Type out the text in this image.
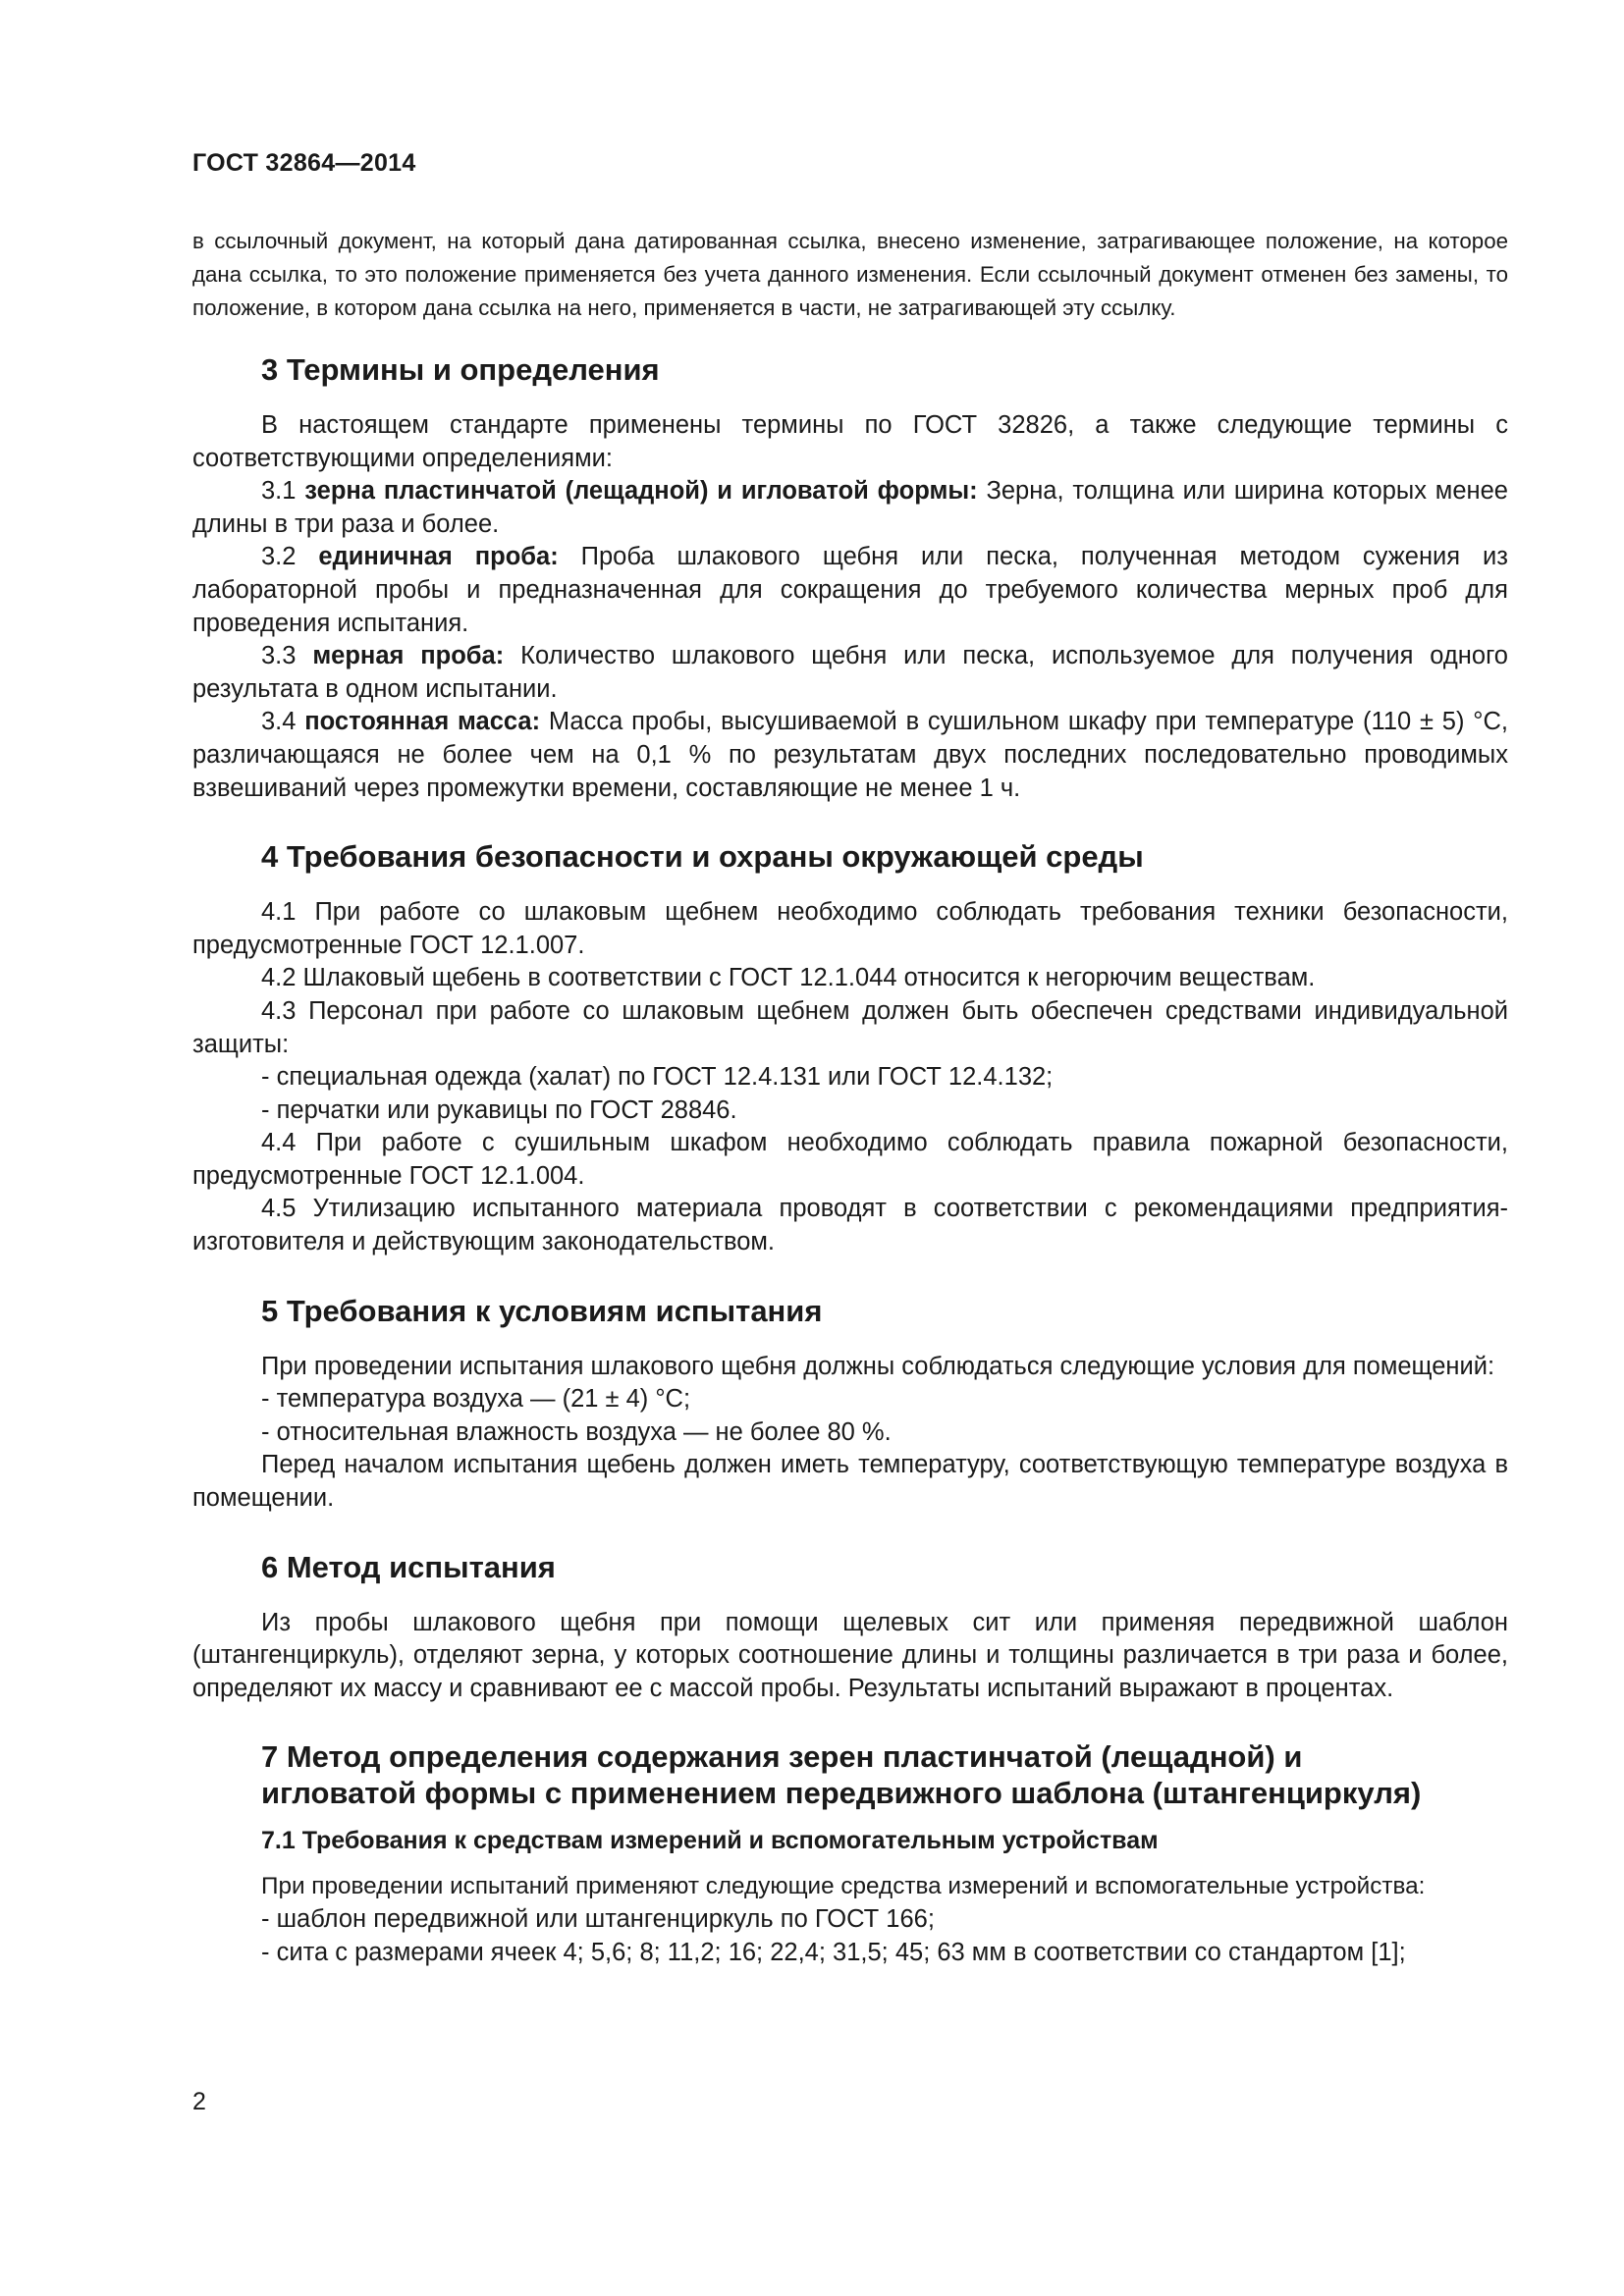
ГОСТ 32864—2014

в ссылочный документ, на который дана датированная ссылка, внесено изменение, затрагивающее положение, на которое дана ссылка, то это положение применяется без учета данного изменения. Если ссылочный документ отменен без замены, то положение, в котором дана ссылка на него, применяется в части, не затрагивающей эту ссылку.

3 Термины и определения

В настоящем стандарте применены термины по ГОСТ 32826, а также следующие термины с соответствующими определениями:

3.1 зерна пластинчатой (лещадной) и игловатой формы: Зерна, толщина или ширина которых менее длины в три раза и более.

3.2 единичная проба: Проба шлакового щебня или песка, полученная методом сужения из лабораторной пробы и предназначенная для сокращения до требуемого количества мерных проб для проведения испытания.

3.3 мерная проба: Количество шлакового щебня или песка, используемое для получения одного результата в одном испытании.

3.4 постоянная масса: Масса пробы, высушиваемой в сушильном шкафу при температуре (110 ± 5) °С, различающаяся не более чем на 0,1 % по результатам двух последних последовательно проводимых взвешиваний через промежутки времени, составляющие не менее 1 ч.

4 Требования безопасности и охраны окружающей среды

4.1 При работе со шлаковым щебнем необходимо соблюдать требования техники безопасности, предусмотренные ГОСТ 12.1.007.

4.2 Шлаковый щебень в соответствии с ГОСТ 12.1.044 относится к негорючим веществам.

4.3 Персонал при работе со шлаковым щебнем должен быть обеспечен средствами индивидуальной защиты:

- специальная одежда (халат) по ГОСТ 12.4.131 или ГОСТ 12.4.132;

- перчатки или рукавицы по ГОСТ 28846.

4.4 При работе с сушильным шкафом необходимо соблюдать правила пожарной безопасности, предусмотренные ГОСТ 12.1.004.

4.5 Утилизацию испытанного материала проводят в соответствии с рекомендациями предприятия-изготовителя и действующим законодательством.

5 Требования к условиям испытания

При проведении испытания шлакового щебня должны соблюдаться следующие условия для помещений:

- температура воздуха — (21 ± 4) °С;

- относительная влажность воздуха — не более 80 %.

Перед началом испытания щебень должен иметь температуру, соответствующую температуре воздуха в помещении.

6 Метод испытания

Из пробы шлакового щебня при помощи щелевых сит или применяя передвижной шаблон (штангенциркуль), отделяют зерна, у которых соотношение длины и толщины различается в три раза и более, определяют их массу и сравнивают ее с массой пробы. Результаты испытаний выражают в процентах.

7 Метод определения содержания зерен пластинчатой (лещадной) и
игловатой формы с применением передвижного шаблона (штангенциркуля)
7.1 Требования к средствам измерений и вспомогательным устройствам

При проведении испытаний применяют следующие средства измерений и вспомогательные устройства:

- шаблон передвижной или штангенциркуль по ГОСТ 166;

- сита с размерами ячеек 4; 5,6; 8; 11,2; 16; 22,4; 31,5; 45; 63 мм в соответствии со стандартом [1];

2
